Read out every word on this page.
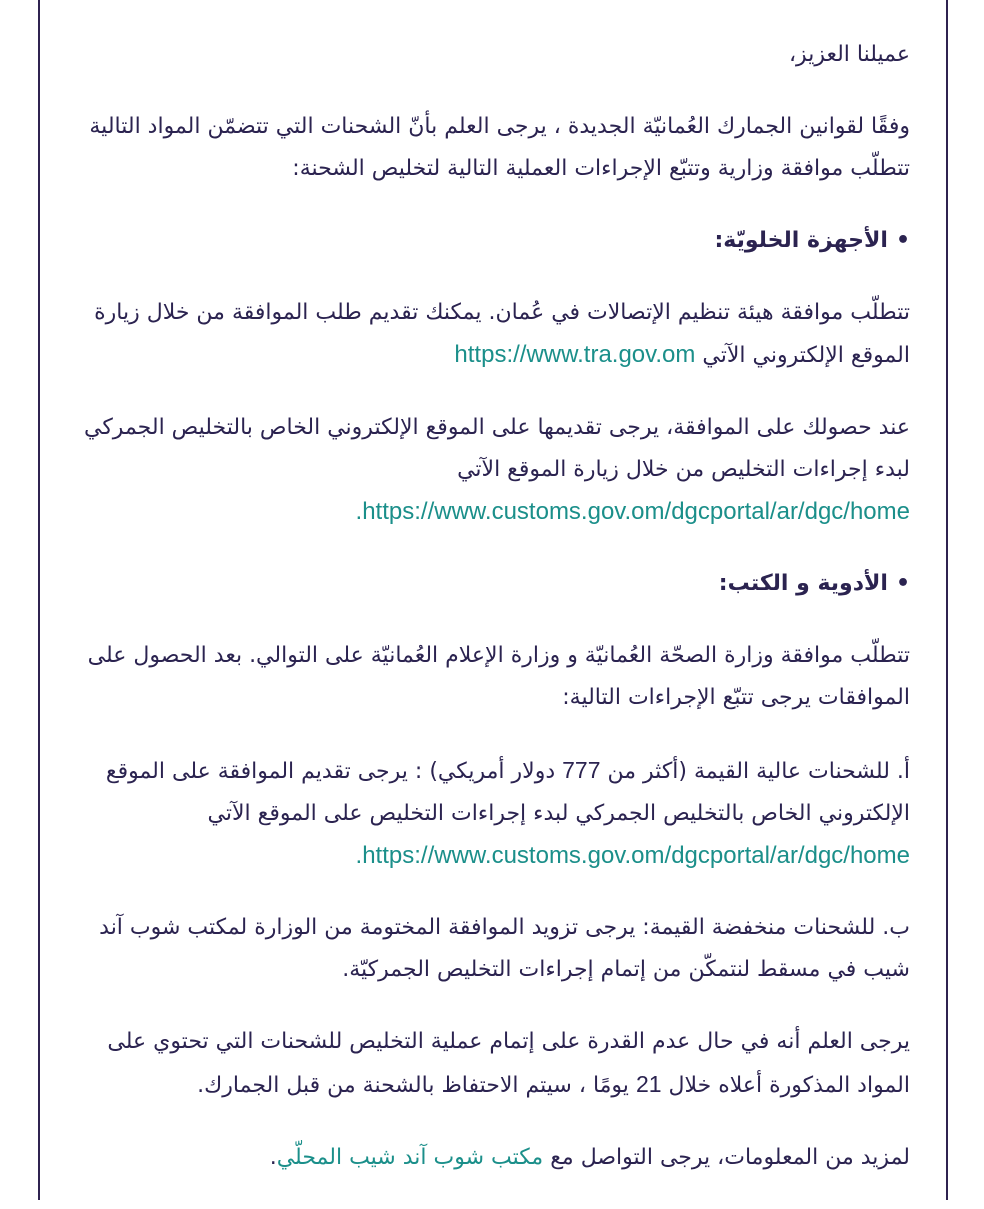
عميلنا العزيز،

وفقًا لقوانين الجمارك العُمانيّة الجديدة ، يرجى العلم بأنّ الشحنات التي تتضمّن المواد التالية تتطلّب موافقة وزارية وتتبّع الإجراءات العملية التالية لتخليص الشحنة:

•الأجهزة الخلويّة:

تتطلّب موافقة هيئة تنظيم الإتصالات في عُمان. يمكنك تقديم طلب الموافقة من خلال زيارة الموقع الإلكتروني الآتي https://www.tra.gov.om

عند حصولك على الموافقة، يرجى تقديمها على الموقع الإلكتروني الخاص بالتخليص الجمركي لبدء إجراءات التخليص من خلال زيارة الموقع الآتي
https://www.customs.gov.om/dgcportal/ar/dgc/home.

•الأدوية و الكتب:

تتطلّب موافقة وزارة الصحّة العُمانيّة و وزارة الإعلام العُمانيّة على التوالي. بعد الحصول على الموافقات يرجى تتبّع الإجراءات التالية:

أ. للشحنات عالية القيمة (أكثر من 777 دولار أمريكي) : يرجى تقديم الموافقة على الموقع الإلكتروني الخاص بالتخليص الجمركي لبدء إجراءات التخليص على الموقع الآتي
https://www.customs.gov.om/dgcportal/ar/dgc/home.

ب. للشحنات منخفضة القيمة: يرجى تزويد الموافقة المختومة من الوزارة لمكتب شوب آند شيب في مسقط لنتمكّن من إتمام إجراءات التخليص الجمركيّة.

يرجى العلم أنه في حال عدم القدرة على إتمام عملية التخليص للشحنات التي تحتوي على المواد المذكورة أعلاه خلال 21 يومًا ، سيتم الاحتفاظ بالشحنة من قبل الجمارك.

لمزيد من المعلومات، يرجى التواصل مع مكتب شوب آند شيب المحلّي.
